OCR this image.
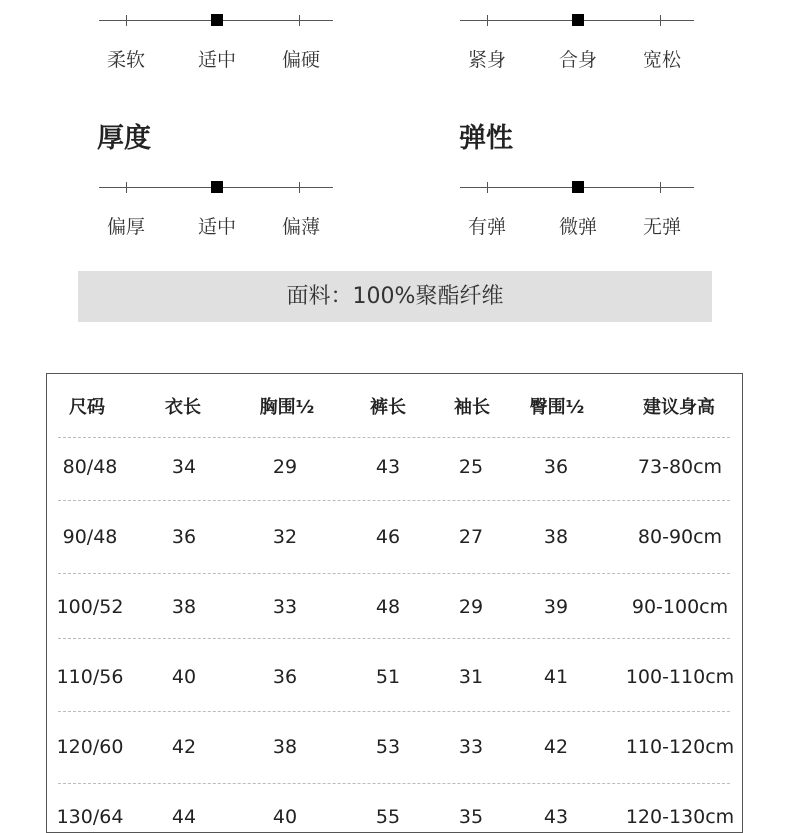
柔软	适中	偏硬	紧身	合身	宽松
厚度	弹性
偏厚	适中	偏薄	有弹	微弹	无弹
面料：100%聚酯纤维
尺码	衣长	胸围½	裤长	袖长	臀围½	建议身高
80/48	34	29	43	25	36	73-80cm
90/48	36	32	46	27	38	80-90cm
100/52	38	33	48	29	39	90-100cm
110/56	40	36	51	31	41	100-110cm
120/60	42	38	53	33	42	110-120cm
130/64	44	40	55	35	43	120-130cm
